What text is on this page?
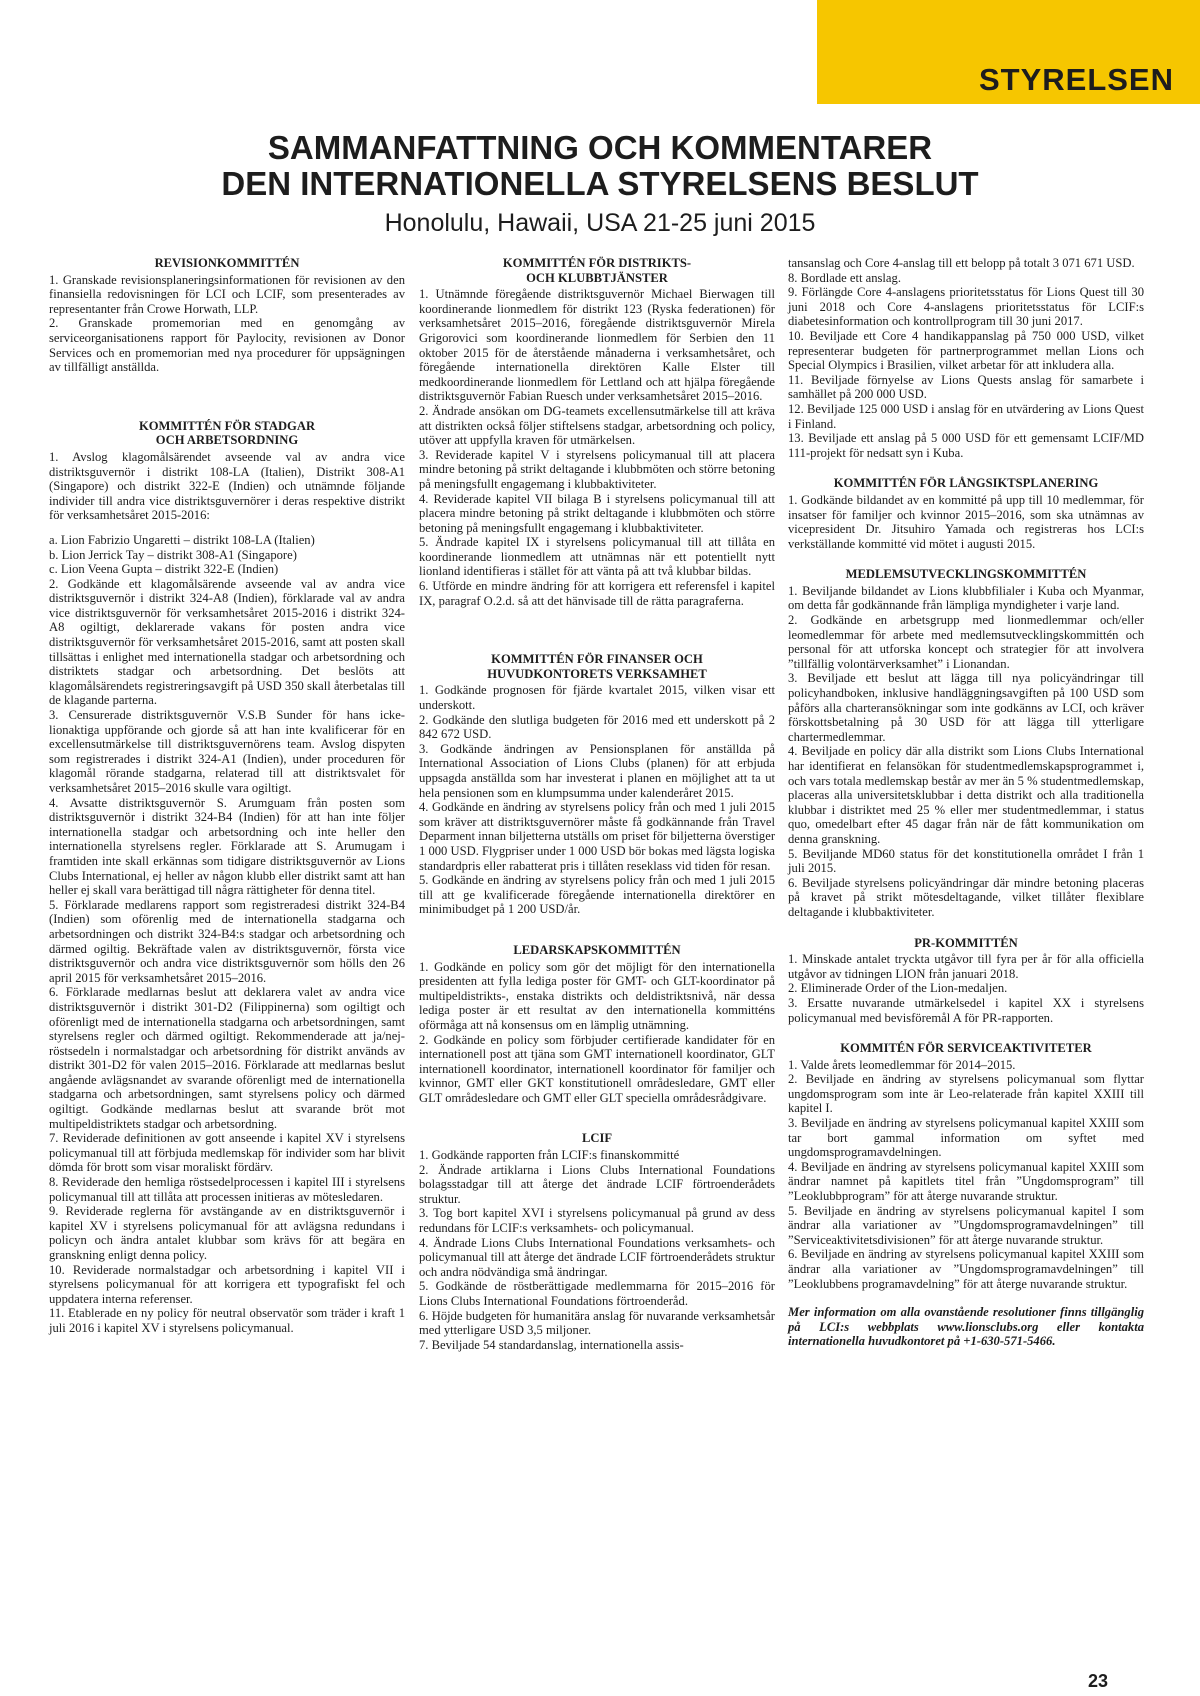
STYRELSEN
SAMMANFATTNING OCH KOMMENTARER
DEN INTERNATIONELLA STYRELSENS BESLUT
Honolulu, Hawaii, USA 21-25 juni 2015
REVISIONKOMMITTÉN

1. Granskade revisionsplaneringsinformationen för revisionen av den finansiella redovisningen för LCI och LCIF, som presenterades av representanter från Crowe Horwath, LLP.

2. Granskade promemorian med en genomgång av serviceorganisationens rapport för Paylocity, revisionen av Donor Services och en promemorian med nya procedurer för uppsägningen av tillfälligt anställda.

KOMMITTÉN FÖR STADGAR
OCH ARBETSORDNING

1. Avslog klagomålsärendet avseende val av andra vice distriktsguvernör i distrikt 108-LA (Italien), Distrikt 308-A1 (Singapore) och distrikt 322-E (Indien) och utnämnde följande individer till andra vice distriktsguvernörer i deras respektive distrikt för verksamhetsåret 2015-2016:

a. Lion Fabrizio Ungaretti – distrikt 108-LA (Italien)

b. Lion Jerrick Tay – distrikt 308-A1 (Singapore)

c. Lion Veena Gupta – distrikt 322-E (Indien)

2. Godkände ett klagomålsärende avseende val av andra vice distriktsguvernör i distrikt 324-A8 (Indien), förklarade val av andra vice distriktsguvernör för verksamhetsåret 2015-2016 i distrikt 324-A8 ogiltigt, deklarerade vakans för posten andra vice distriktsguvernör för verksamhetsåret 2015-2016, samt att posten skall tillsättas i enlighet med internationella stadgar och arbetsordning och distriktets stadgar och arbetsordning. Det beslöts att klagomålsärendets registreringsavgift på USD 350 skall återbetalas till de klagande parterna.

3. Censurerade distriktsguvernör V.S.B Sunder för hans icke-lionaktiga uppförande och gjorde så att han inte kvalificerar för en excellensutmärkelse till distriktsguvernörens team. Avslog dispyten som registrerades i distrikt 324-A1 (Indien), under proceduren för klagomål rörande stadgarna, relaterad till att distriktsvalet för verksamhetsåret 2015–2016 skulle vara ogiltigt.

4. Avsatte distriktsguvernör S. Arumguam från posten som distriktsguvernör i distrikt 324-B4 (Indien) för att han inte följer internationella stadgar och arbetsordning och inte heller den internationella styrelsens regler. Förklarade att S. Arumugam i framtiden inte skall erkännas som tidigare distriktsguvernör av Lions Clubs International, ej heller av någon klubb eller distrikt samt att han heller ej skall vara berättigad till några rättigheter för denna titel.

5. Förklarade medlarens rapport som registreradesi distrikt 324-B4 (Indien) som oförenlig med de internationella stadgarna och arbetsordningen och distrikt 324-B4:s stadgar och arbetsordning och därmed ogiltig. Bekräftade valen av distriktsguvernör, första vice distriktsguvernör och andra vice distriktsguvernör som hölls den 26 april 2015 för verksamhetsåret 2015–2016.

6. Förklarade medlarnas beslut att deklarera valet av andra vice distriktsguvernör i distrikt 301-D2 (Filippinerna) som ogiltigt och oförenligt med de internationella stadgarna och arbetsordningen, samt styrelsens regler och därmed ogiltigt. Rekommenderade att ja/nej-röstsedeln i normalstadgar och arbetsordning för distrikt används av distrikt 301-D2 för valen 2015–2016. Förklarade att medlarnas beslut angående avlägsnandet av svarande oförenligt med de internationella stadgarna och arbetsordningen, samt styrelsens policy och därmed ogiltigt. Godkände medlarnas beslut att svarande bröt mot multipeldistriktets stadgar och arbetsordning.

7. Reviderade definitionen av gott anseende i kapitel XV i styrelsens policymanual till att förbjuda medlemskap för individer som har blivit dömda för brott som visar moraliskt fördärv.

8. Reviderade den hemliga röstsedelprocessen i kapitel III i styrelsens policymanual till att tillåta att processen initieras av mötesledaren.

9. Reviderade reglerna för avstängande av en distriktsguvernör i kapitel XV i styrelsens policymanual för att avlägsna redundans i policyn och ändra antalet klubbar som krävs för att begära en granskning enligt denna policy.

10. Reviderade normalstadgar och arbetsordning i kapitel VII i styrelsens policymanual för att korrigera ett typografiskt fel och uppdatera interna referenser.

11. Etablerade en ny policy för neutral observatör som träder i kraft 1 juli 2016 i kapitel XV i styrelsens policymanual.

KOMMITTÉN FÖR DISTRIKTS-
OCH KLUBBTJÄNSTER

1. Utnämnde föregående distriktsguvernör Michael Bierwagen till koordinerande lionmedlem för distrikt 123 (Ryska federationen) för verksamhetsåret 2015–2016, föregående distriktsguvernör Mirela Grigorovici som koordinerande lionmedlem för Serbien den 11 oktober 2015 för de återstående månaderna i verksamhetsåret, och föregående internationella direktören Kalle Elster till medkoordinerande lionmedlem för Lettland och att hjälpa föregående distriktsguvernör Fabian Ruesch under verksamhetsåret 2015–2016.

2. Ändrade ansökan om DG-teamets excellensutmärkelse till att kräva att distrikten också följer stiftelsens stadgar, arbetsordning och policy, utöver att uppfylla kraven för utmärkelsen.

3. Reviderade kapitel V i styrelsens policymanual till att placera mindre betoning på strikt deltagande i klubbmöten och större betoning på meningsfullt engagemang i klubbaktiviteter.

4. Reviderade kapitel VII bilaga B i styrelsens policymanual till att placera mindre betoning på strikt deltagande i klubbmöten och större betoning på meningsfullt engagemang i klubbaktiviteter.

5. Ändrade kapitel IX i styrelsens policymanual till att tillåta en koordinerande lionmedlem att utnämnas när ett potentiellt nytt lionland identifieras i stället för att vänta på att två klubbar bildas.

6. Utförde en mindre ändring för att korrigera ett referensfel i kapitel IX, paragraf O.2.d. så att det hänvisade till de rätta paragraferna.

KOMMITTÉN FÖR FINANSER OCH
HUVUDKONTORETS VERKSAMHET

1. Godkände prognosen för fjärde kvartalet 2015, vilken visar ett underskott.

2. Godkände den slutliga budgeten för 2016 med ett underskott på 2 842 672 USD.

3. Godkände ändringen av Pensionsplanen för anställda på International Association of Lions Clubs (planen) för att erbjuda uppsagda anställda som har investerat i planen en möjlighet att ta ut hela pensionen som en klumpsumma under kalenderåret 2015.

4. Godkände en ändring av styrelsens policy från och med 1 juli 2015 som kräver att distriktsguvernörer måste få godkännande från Travel Deparment innan biljetterna utställs om priset för biljetterna överstiger 1 000 USD. Flygpriser under 1 000 USD bör bokas med lägsta logiska standardpris eller rabatterat pris i tillåten reseklass vid tiden för resan.

5. Godkände en ändring av styrelsens policy från och med 1 juli 2015 till att ge kvalificerade föregående internationella direktörer en minimibudget på 1 200 USD/år.

LEDARSKAPSKOMMITTÉN

1. Godkände en policy som gör det möjligt för den internationella presidenten att fylla lediga poster för GMT- och GLT-koordinator på multipeldistrikts-, enstaka distrikts och deldistriktsnivå, när dessa lediga poster är ett resultat av den internationella kommitténs oförmåga att nå konsensus om en lämplig utnämning.

2. Godkände en policy som förbjuder certifierade kandidater för en internationell post att tjäna som GMT internationell koordinator, GLT internationell koordinator, internationell koordinator för familjer och kvinnor, GMT eller GKT konstitutionell områdesledare, GMT eller GLT områdesledare och GMT eller GLT speciella områdesrådgivare.

LCIF

1. Godkände rapporten från LCIF:s finanskommitté

2. Ändrade artiklarna i Lions Clubs International Foundations bolagsstadgar till att återge det ändrade LCIF förtroenderådets struktur.

3. Tog bort kapitel XVI i styrelsens policymanual på grund av dess redundans för LCIF:s verksamhets- och policymanual.

4. Ändrade Lions Clubs International Foundations verksamhets- och policymanual till att återge det ändrade LCIF förtroenderådets struktur och andra nödvändiga små ändringar.

5. Godkände de röstberättigade medlemmarna för 2015–2016 för Lions Clubs International Foundations förtroenderåd.

6. Höjde budgeten för humanitära anslag för nuvarande verksamhetsår med ytterligare USD 3,5 miljoner.

7. Beviljade 54 standardanslag, internationella assis-

tansanslag och Core 4-anslag till ett belopp på totalt 3 071 671 USD.

8. Bordlade ett anslag.

9. Förlängde Core 4-anslagens prioritetsstatus för Lions Quest till 30 juni 2018 och Core 4-anslagens prioritetsstatus för LCIF:s diabetesinformation och kontrollprogram till 30 juni 2017.

10. Beviljade ett Core 4 handikappanslag på 750 000 USD, vilket representerar budgeten för partnerprogrammet mellan Lions och Special Olympics i Brasilien, vilket arbetar för att inkludera alla.

11. Beviljade förnyelse av Lions Quests anslag för samarbete i samhället på 200 000 USD.

12. Beviljade 125 000 USD i anslag för en utvärdering av Lions Quest i Finland.

13. Beviljade ett anslag på 5 000 USD för ett gemensamt LCIF/MD 111-projekt för nedsatt syn i Kuba.

KOMMITTÉN FÖR LÅNGSIKTSPLANERING

1. Godkände bildandet av en kommitté på upp till 10 medlemmar, för insatser för familjer och kvinnor 2015–2016, som ska utnämnas av vicepresident Dr. Jitsuhiro Yamada och registreras hos LCI:s verkställande kommitté vid mötet i augusti 2015.

MEDLEMSUTVECKLINGSKOMMITTÉN

1. Beviljande bildandet av Lions klubbfilialer i Kuba och Myanmar, om detta får godkännande från lämpliga myndigheter i varje land.

2. Godkände en arbetsgrupp med lionmedlemmar och/eller leomedlemmar för arbete med medlemsutvecklingskommittén och personal för att utforska koncept och strategier för att involvera ”tillfällig volontärverksamhet” i Lionandan.

3. Beviljade ett beslut att lägga till nya policyändringar till policyhandboken, inklusive handläggningsavgiften på 100 USD som påförs alla charteransökningar som inte godkänns av LCI, och kräver förskottsbetalning på 30 USD för att lägga till ytterligare chartermedlemmar.

4. Beviljade en policy där alla distrikt som Lions Clubs International har identifierat en felansökan för studentmedlemskapsprogrammet i, och vars totala medlemskap består av mer än 5 % studentmedlemskap, placeras alla universitetsklubbar i detta distrikt och alla traditionella klubbar i distriktet med 25 % eller mer studentmedlemmar, i status quo, omedelbart efter 45 dagar från när de fått kommunikation om denna granskning.

5. Beviljande MD60 status för det konstitutionella området I från 1 juli 2015.

6. Beviljade styrelsens policyändringar där mindre betoning placeras på kravet på strikt mötesdeltagande, vilket tillåter flexiblare deltagande i klubbaktiviteter.

PR-KOMMITTÉN

1. Minskade antalet tryckta utgåvor till fyra per år för alla officiella utgåvor av tidningen LION från januari 2018.

2. Eliminerade Order of the Lion-medaljen.

3. Ersatte nuvarande utmärkelsedel i kapitel XX i styrelsens policymanual med bevisföremål A för PR-rapporten.

KOMMITÉN FÖR SERVICEAKTIVITETER

1. Valde årets leomedlemmar för 2014–2015.

2. Beviljade en ändring av styrelsens policymanual som flyttar ungdomsprogram som inte är Leo-relaterade från kapitel XXIII till kapitel I.

3. Beviljade en ändring av styrelsens policymanual kapitel XXIII som tar bort gammal information om syftet med ungdomsprogramavdelningen.

4. Beviljade en ändring av styrelsens policymanual kapitel XXIII som ändrar namnet på kapitlets titel från ”Ungdomsprogram” till ”Leoklubbprogram” för att återge nuvarande struktur.

5. Beviljade en ändring av styrelsens policymanual kapitel I som ändrar alla variationer av ”Ungdomsprogramavdelningen” till ”Serviceaktivitetsdivisionen” för att återge nuvarande struktur.

6. Beviljade en ändring av styrelsens policymanual kapitel XXIII som ändrar alla variationer av ”Ungdomsprogramavdelningen” till ”Leoklubbens programavdelning” för att återge nuvarande struktur.

Mer information om alla ovanstående resolutioner finns tillgänglig på LCI:s webbplats www.lionsclubs.org eller kontakta internationella huvudkontoret på +1-630-571-5466.
23
